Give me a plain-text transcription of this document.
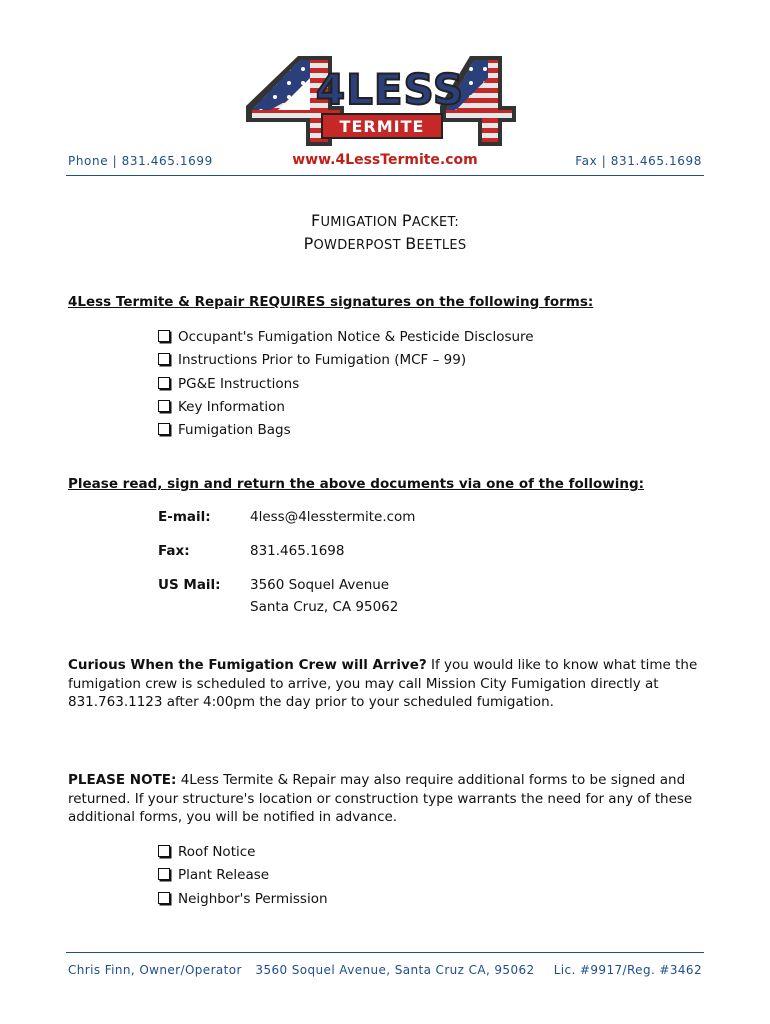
4LESS
TERMITE
Phone | 831.465.1699	www.4LessTermite.com	Fax | 831.465.1698
FUMIGATION PACKET:
POWDERPOST BEETLES
4Less Termite & Repair REQUIRES signatures on the following forms:
Occupant's Fumigation Notice & Pesticide Disclosure
Instructions Prior to Fumigation (MCF – 99)
PG&E Instructions
Key Information
Fumigation Bags
Please read, sign and return the above documents via one of the following:
E-mail:	4less@4lesstermite.com
Fax:	831.465.1698
US Mail: 3560 Soquel Avenue
Santa Cruz, CA 95062
Curious When the Fumigation Crew will Arrive? If you would like to know what time the
fumigation crew is scheduled to arrive, you may call Mission City Fumigation directly at
831.763.1123 after 4:00pm the day prior to your scheduled fumigation.
PLEASE NOTE: 4Less Termite & Repair may also require additional forms to be signed and
returned. If your structure's location or construction type warrants the need for any of these
additional forms, you will be notified in advance.
Roof Notice
Plant Release
Neighbor's Permission
Chris Finn, Owner/Operator	3560 Soquel Avenue, Santa Cruz CA, 95062	Lic. #9917/Reg. #3462
